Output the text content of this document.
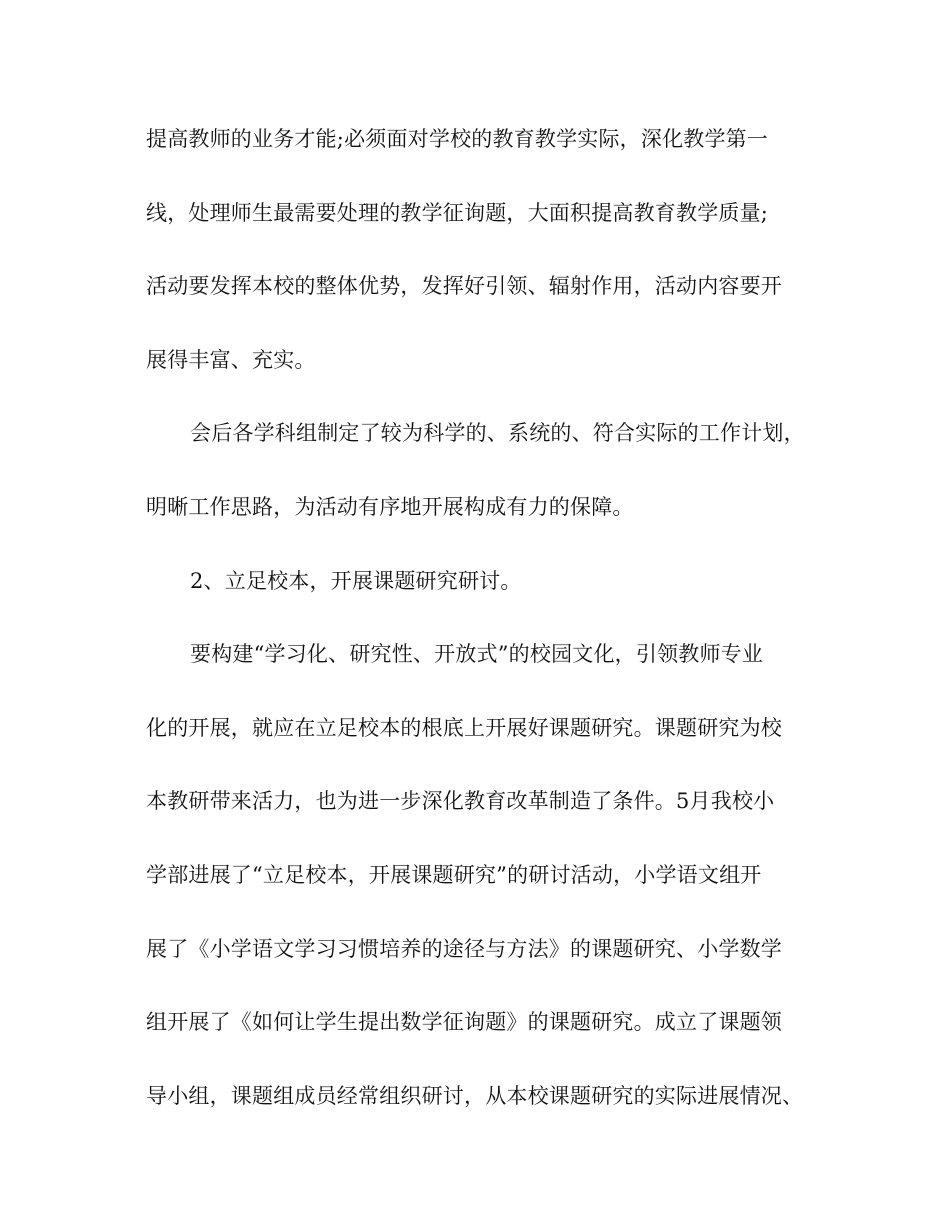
提高教师的业务才能;必须面对学校的教育教学实际，深化教学第一
线，处理师生最需要处理的教学征询题，大面积提高教育教学质量;
活动要发挥本校的整体优势，发挥好引领、辐射作用，活动内容要开
展得丰富、充实。
会后各学科组制定了较为科学的、系统的、符合实际的工作计划，
明晰工作思路，为活动有序地开展构成有力的保障。
2、立足校本，开展课题研究研讨。
要构建“学习化、研究性、开放式”的校园文化，引领教师专业
化的开展，就应在立足校本的根底上开展好课题研究。课题研究为校
本教研带来活力，也为进一步深化教育改革制造了条件。5月我校小
学部进展了“立足校本，开展课题研究”的研讨活动，小学语文组开
展了《小学语文学习习惯培养的途径与方法》的课题研究、小学数学
组开展了《如何让学生提出数学征询题》的课题研究。成立了课题领
导小组，课题组成员经常组织研讨，从本校课题研究的实际进展情况、
